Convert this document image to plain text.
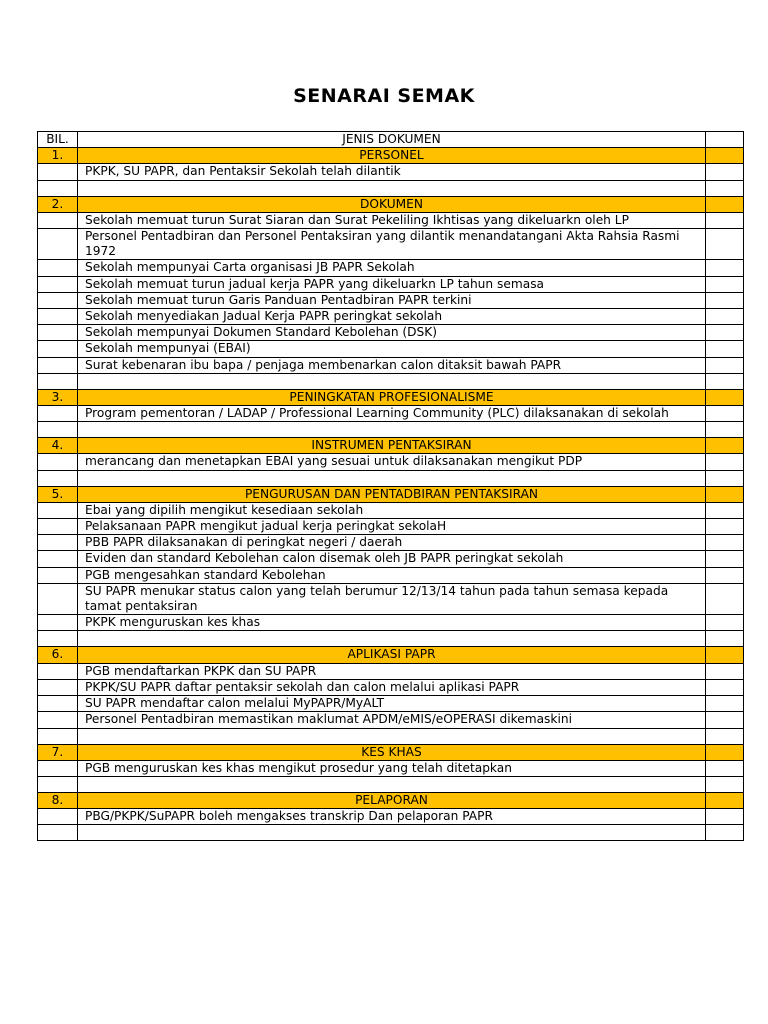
SENARAI SEMAK
BIL.	JENIS DOKUMEN	
1.	PERSONEL	
	PKPK, SU PAPR, dan Pentaksir Sekolah telah dilantik	

2.	DOKUMEN	
	Sekolah memuat turun Surat Siaran dan Surat Pekeliling Ikhtisas yang dikeluarkn oleh LP	
	Personel Pentadbiran dan Personel Pentaksiran yang dilantik menandatangani Akta Rahsia Rasmi 1972	
	Sekolah mempunyai Carta organisasi JB PAPR Sekolah	
	Sekolah memuat turun jadual kerja PAPR yang dikeluarkn LP tahun semasa	
	Sekolah memuat turun Garis Panduan Pentadbiran PAPR terkini	
	Sekolah menyediakan Jadual Kerja PAPR peringkat sekolah	
	Sekolah mempunyai Dokumen Standard Kebolehan (DSK)	
	Sekolah mempunyai (EBAI)	
	Surat kebenaran ibu bapa / penjaga membenarkan calon ditaksit bawah PAPR	

3.	PENINGKATAN PROFESIONALISME	
	Program pementoran / LADAP / Professional Learning Community (PLC) dilaksanakan di sekolah	

4.	INSTRUMEN PENTAKSIRAN	
	merancang dan menetapkan EBAI yang sesuai untuk dilaksanakan mengikut PDP	

5.	PENGURUSAN DAN PENTADBIRAN PENTAKSIRAN	
	Ebai yang dipilih mengikut kesediaan sekolah	
	Pelaksanaan PAPR mengikut jadual kerja peringkat sekolaH	
	PBB PAPR dilaksanakan di peringkat negeri / daerah	
	Eviden dan standard Kebolehan calon disemak oleh JB PAPR peringkat sekolah	
	PGB mengesahkan standard Kebolehan	
	SU PAPR menukar status calon yang telah berumur 12/13/14 tahun pada tahun semasa kepada tamat pentaksiran	
	PKPK menguruskan kes khas	

6.	APLIKASI PAPR	
	PGB mendaftarkan PKPK dan SU PAPR	
	PKPK/SU PAPR daftar pentaksir sekolah dan calon melalui aplikasi PAPR	
	SU PAPR mendaftar calon melalui MyPAPR/MyALT	
	Personel Pentadbiran memastikan maklumat APDM/eMIS/eOPERASI dikemaskini	

7.	KES KHAS	
	PGB menguruskan kes khas mengikut prosedur yang telah ditetapkan	

8.	PELAPORAN	
	PBG/PKPK/SuPAPR boleh mengakses transkrip Dan pelaporan PAPR	
